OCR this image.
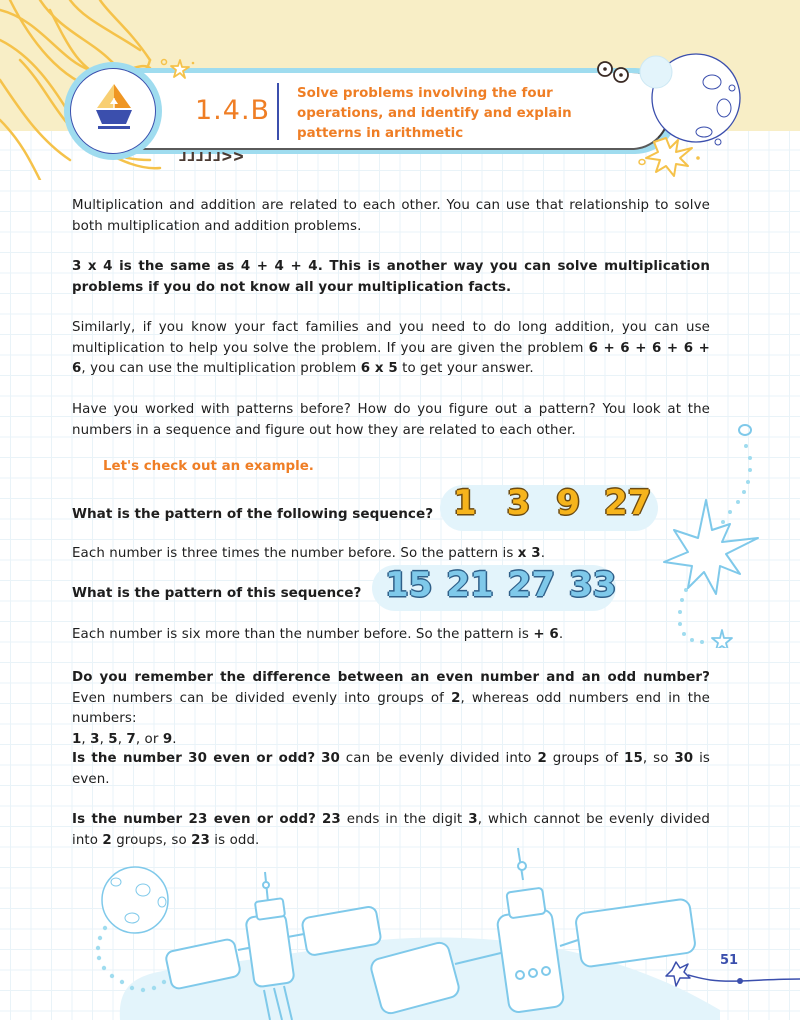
1.4.B
Solve problems involving the four operations, and identify and explain patterns in arithmetic
ᒧᒧᒧᒧᒧᐳᐳ

Multiplication and addition are related to each other. You can use that relationship to solve both multiplication and addition problems.

3 x 4 is the same as 4 + 4 + 4. This is another way you can solve multiplication problems if you do not know all your multiplication facts.

Similarly, if you know your fact families and you need to do long addition, you can use multiplication to help you solve the problem. If you are given the problem 6 + 6 + 6 + 6 + 6, you can use the multiplication problem 6 x 5 to get your answer.

Have you worked with patterns before? How do you figure out a pattern? You look at the numbers in a sequence and figure out how they are related to each other.

Let's check out an example.
What is the pattern of the following sequence? 1 3 9 27

Each number is three times the number before. So the pattern is x 3.

What is the pattern of this sequence? 15 21 27 33

Each number is six more than the number before. So the pattern is + 6.

Do you remember the difference between an even number and an odd number? Even numbers can be divided evenly into groups of 2, whereas odd numbers end in the numbers:
1, 3, 5, 7, or 9.

Is the number 30 even or odd? 30 can be evenly divided into 2 groups of 15, so 30 is even.

Is the number 23 even or odd? 23 ends in the digit 3, which cannot be evenly divided into 2 groups, so 23 is odd.

51
